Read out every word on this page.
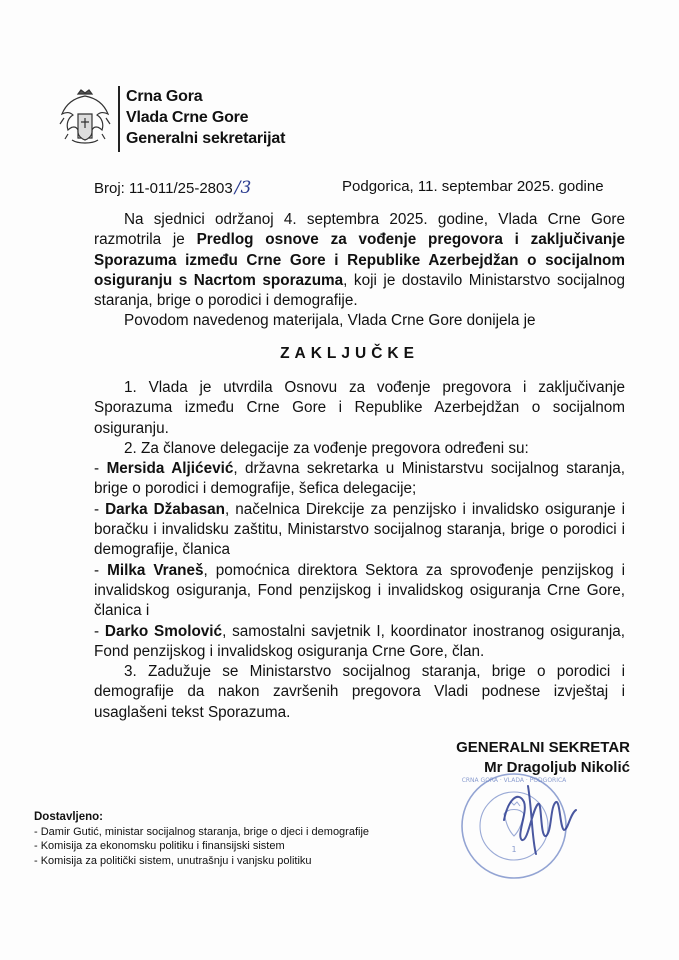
Crna Gora
Vlada Crne Gore
Generalni sekretarijat
Broj: 11-011/25-2803 /3	Podgorica, 11. septembar 2025. godine

Na sjednici održanoj 4. septembra 2025. godine, Vlada Crne Gore razmotrila je Predlog osnove za vođenje pregovora i zaključivanje Sporazuma između Crne Gore i Republike Azerbejdžan o socijalnom osiguranju s Nacrtom sporazuma, koji je dostavilo Ministarstvo socijalnog staranja, brige o porodici i demografije.

Povodom navedenog materijala, Vlada Crne Gore donijela je

ZAKLJUČKE

1. Vlada je utvrdila Osnovu za vođenje pregovora i zaključivanje Sporazuma između Crne Gore i Republike Azerbejdžan o socijalnom osiguranju.

2. Za članove delegacije za vođenje pregovora određeni su:

- Mersida Aljićević, državna sekretarka u Ministarstvu socijalnog staranja, brige o porodici i demografije, šefica delegacije;

- Darka Džabasan, načelnica Direkcije za penzijsko i invalidsko osiguranje i boračku i invalidsku zaštitu, Ministarstvo socijalnog staranja, brige o porodici i demografije, članica

- Milka Vraneš, pomoćnica direktora Sektora za sprovođenje penzijskog i invalidskog osiguranja, Fond penzijskog i invalidskog osiguranja Crne Gore, članica i

- Darko Smolović, samostalni savjetnik I, koordinator inostranog osiguranja, Fond penzijskog i invalidskog osiguranja Crne Gore, član.

3. Zadužuje se Ministarstvo socijalnog staranja, brige o porodici i demografije da nakon završenih pregovora Vladi podnese izvještaj i usaglašeni tekst Sporazuma.

GENERALNI SEKRETAR
Mr Dragoljub Nikolić
1
CRNA GORA · VLADA · PODGORICA
Dostavljeno:
- Damir Gutić, ministar socijalnog staranja, brige o djeci i demografije
- Komisija za ekonomsku politiku i finansijski sistem
- Komisija za politički sistem, unutrašnju i vanjsku politiku
